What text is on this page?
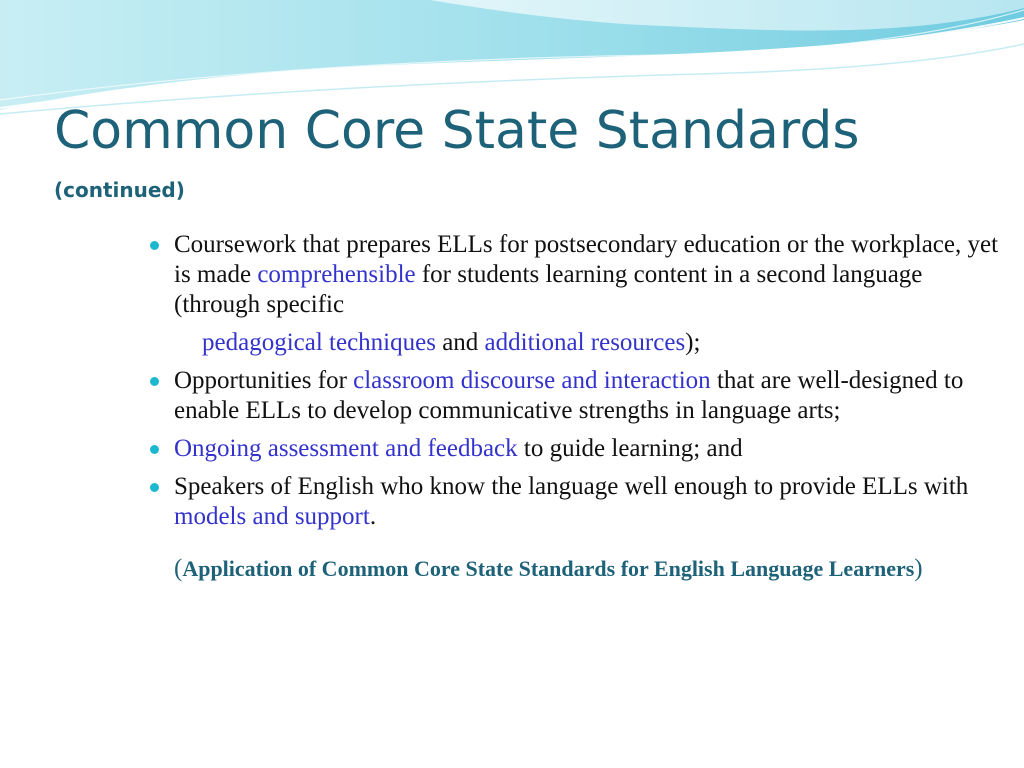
Common Core State Standards
(continued)
Coursework that prepares ELLs for postsecondary education or the workplace, yet is made comprehensible for students learning content in a second language (through specific
pedagogical techniques and additional resources);
Opportunities for classroom discourse and interaction that are well-designed to enable ELLs to develop communicative strengths in language arts;
Ongoing assessment and feedback to guide learning; and
Speakers of English who know the language well enough to provide ELLs with models and support.
(Application of Common Core State Standards for English Language Learners)
